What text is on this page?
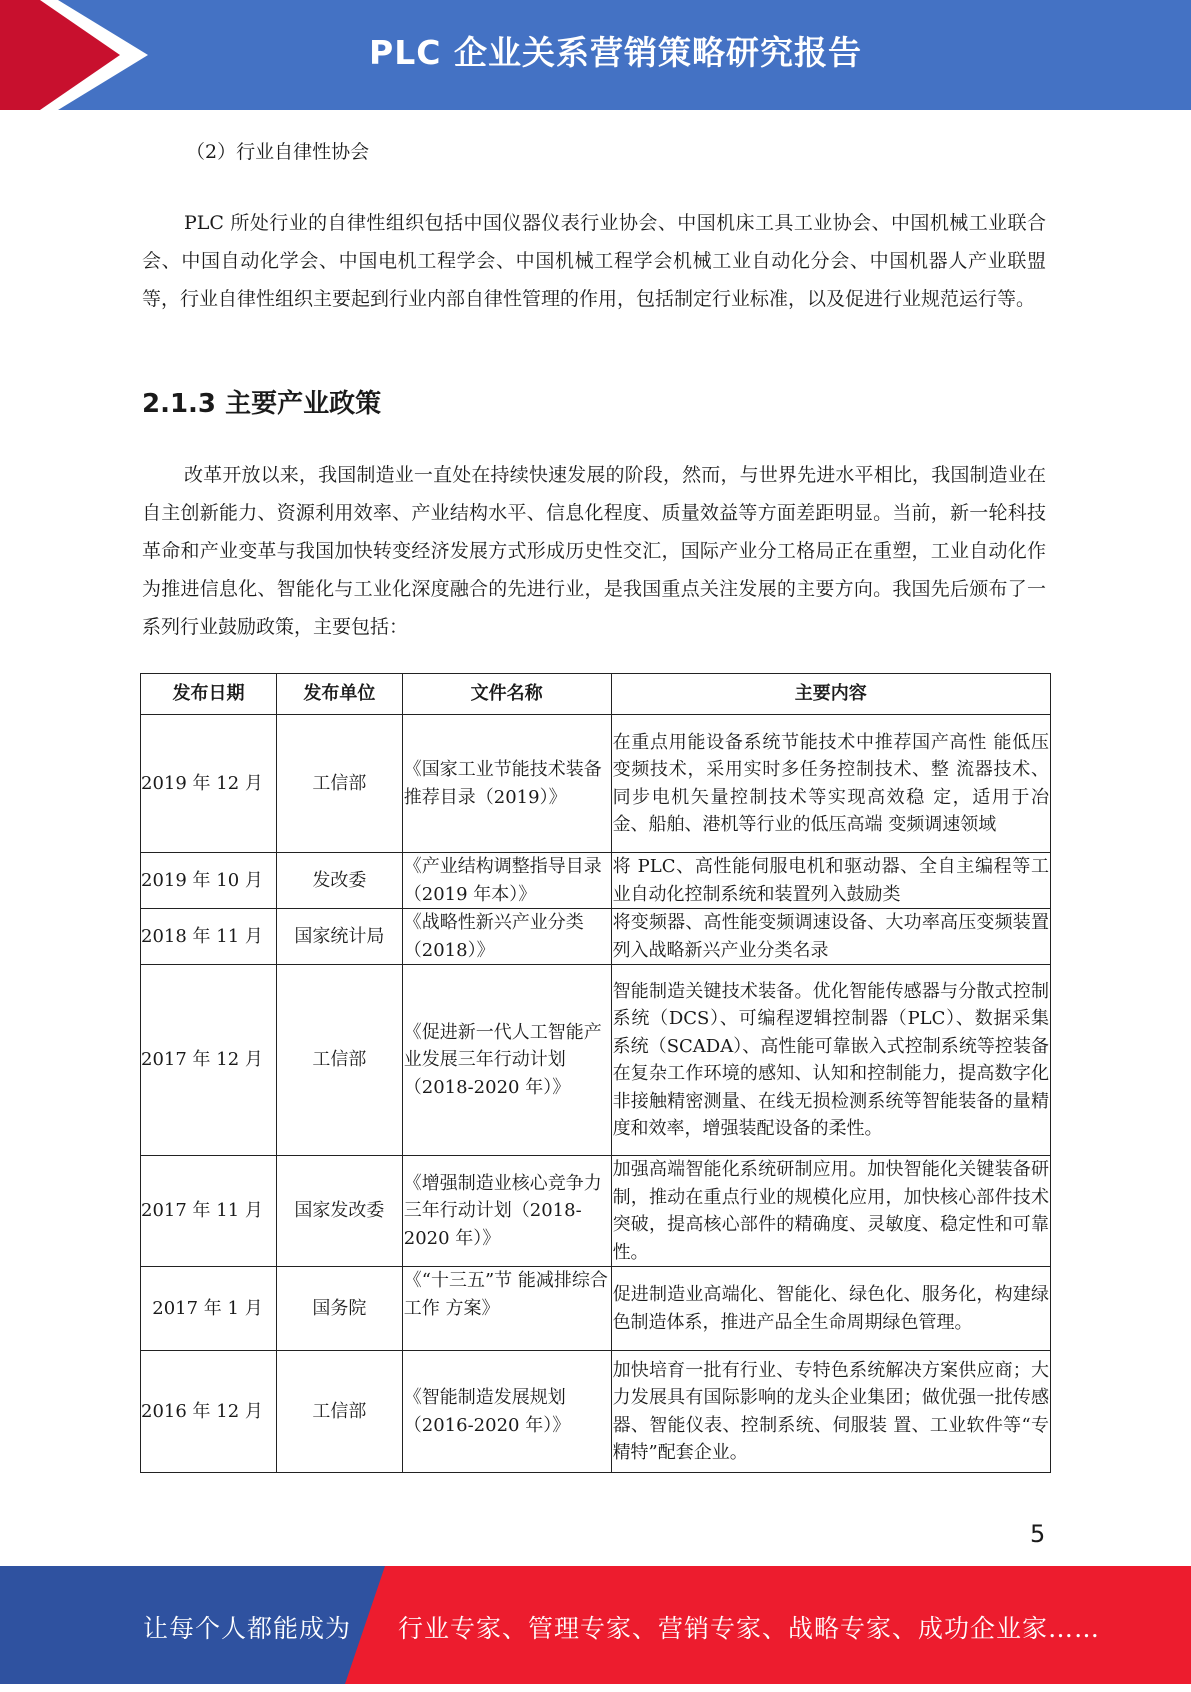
PLC 企业关系营销策略研究报告
（2）行业自律性协会

PLC 所处行业的自律性组织包括中国仪器仪表行业协会、中国机床工具工业协会、中国机械工业联合会、中国自动化学会、中国电机工程学会、中国机械工程学会机械工业自动化分会、中国机器人产业联盟等，行业自律性组织主要起到行业内部自律性管理的作用，包括制定行业标准，以及促进行业规范运行等。

2.1.3 主要产业政策

改革开放以来，我国制造业一直处在持续快速发展的阶段，然而，与世界先进水平相比，我国制造业在自主创新能力、资源利用效率、产业结构水平、信息化程度、质量效益等方面差距明显。当前，新一轮科技革命和产业变革与我国加快转变经济发展方式形成历史性交汇，国际产业分工格局正在重塑，工业自动化作为推进信息化、智能化与工业化深度融合的先进行业，是我国重点关注发展的主要方向。我国先后颁布了一系列行业鼓励政策，主要包括：

发布日期	发布单位	文件名称	主要内容
2019 年 12 月	工信部	《国家工业节能技术装备推荐目录（2019）》	在重点用能设备系统节能技术中推荐国产高性 能低压变频技术，采用实时多任务控制技术、整 流器技术、同步电机矢量控制技术等实现高效稳 定，适用于冶金、船舶、港机等行业的低压高端 变频调速领域
2019 年 10 月	发改委	《产业结构调整指导目录（2019 年本）》	将 PLC、高性能伺服电机和驱动器、全自主编程等工业自动化控制系统和装置列入鼓励类
2018 年 11 月	国家统计局	《战略性新兴产业分类（2018）》	将变频器、高性能变频调速设备、大功率高压变频装置列入战略新兴产业分类名录
2017 年 12 月	工信部	《促进新一代人工智能产业发展三年行动计划（2018-2020 年）》	智能制造关键技术装备。优化智能传感器与分散式控制系统（DCS）、可编程逻辑控制器（PLC）、数据采集系统（SCADA）、高性能可靠嵌入式控制系统等控装备在复杂工作环境的感知、认知和控制能力，提高数字化非接触精密测量、在线无损检测系统等智能装备的量精度和效率，增强装配设备的柔性。
2017 年 11 月	国家发改委	《增强制造业核心竞争力三年行动计划（2018-2020 年）》	加强高端智能化系统研制应用。加快智能化关键装备研制，推动在重点行业的规模化应用，加快核心部件技术突破，提高核心部件的精确度、灵敏度、稳定性和可靠性。
2017 年 1 月	国务院	《“十三五”节 能减排综合工作 方案》	促进制造业高端化、智能化、绿色化、服务化，构建绿色制造体系，推进产品全生命周期绿色管理。
2016 年 12 月	工信部	《智能制造发展规划（2016-2020 年）》	加快培育一批有行业、专特色系统解决方案供应商；大力发展具有国际影响的龙头企业集团；做优强一批传感器、智能仪表、控制系统、伺服装 置、工业软件等“专精特”配套企业。
5
让每个人都能成为 行业专家、管理专家、营销专家、战略专家、成功企业家……
